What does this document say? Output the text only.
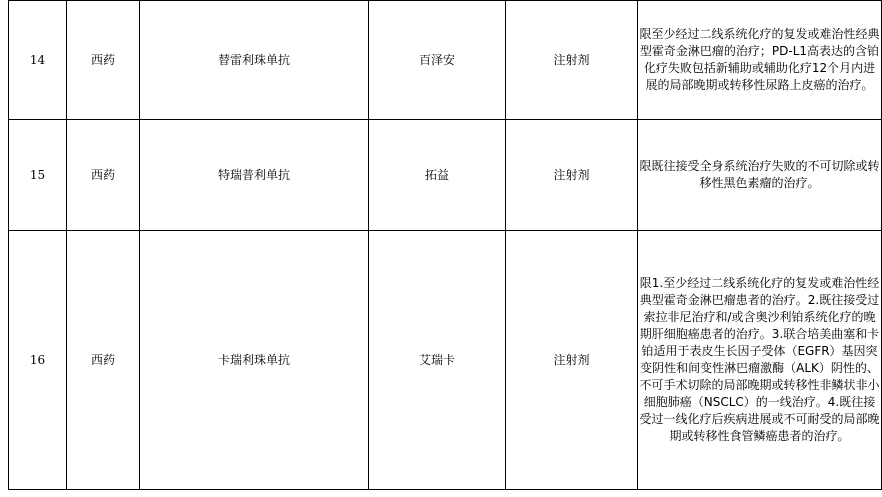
14	西药	替雷利珠单抗	百泽安	注射剂	限至少经过二线系统化疗的复发或难治性经典型霍奇金淋巴瘤的治疗；PD-L1高表达的含铂化疗失败包括新辅助或辅助化疗12个月内进展的局部晚期或转移性尿路上皮癌的治疗。
15	西药	特瑞普利单抗	拓益	注射剂	限既往接受全身系统治疗失败的不可切除或转移性黑色素瘤的治疗。
16	西药	卡瑞利珠单抗	艾瑞卡	注射剂	限1.至少经过二线系统化疗的复发或难治性经典型霍奇金淋巴瘤患者的治疗。2.既往接受过索拉非尼治疗和/或含奥沙利铂系统化疗的晚期肝细胞癌患者的治疗。3.联合培美曲塞和卡铂适用于表皮生长因子受体（EGFR）基因突变阴性和间变性淋巴瘤激酶（ALK）阴性的、不可手术切除的局部晚期或转移性非鳞状非小细胞肺癌（NSCLC）的一线治疗。4.既往接受过一线化疗后疾病进展或不可耐受的局部晚期或转移性食管鳞癌患者的治疗。
